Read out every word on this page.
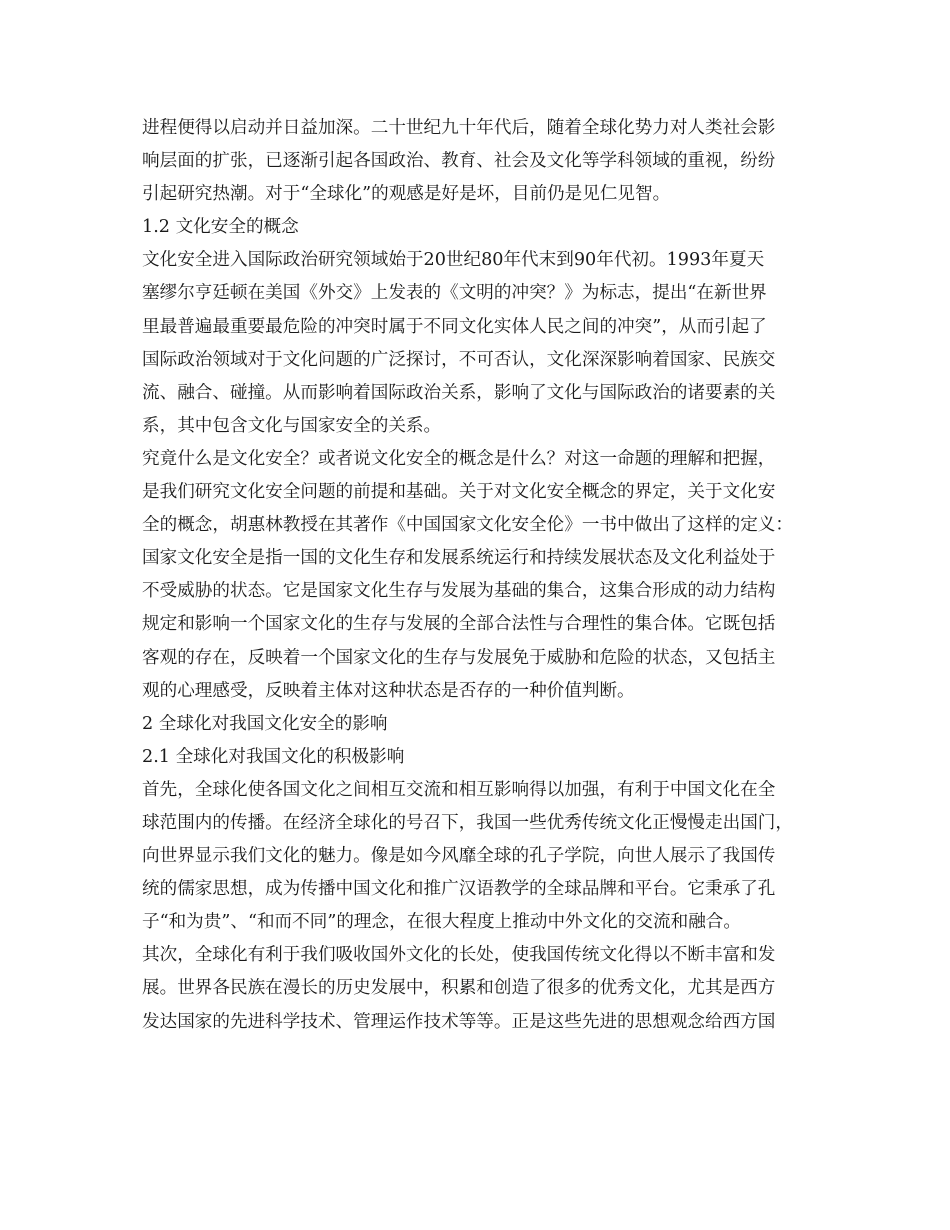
进程便得以启动并日益加深。二十世纪九十年代后，随着全球化势力对人类社会影
响层面的扩张，已逐渐引起各国政治、教育、社会及文化等学科领域的重视，纷纷
引起研究热潮。对于“全球化”的观感是好是坏，目前仍是见仁见智。
1.2 文化安全的概念
文化安全进入国际政治研究领域始于20世纪80年代末到90年代初。1993年夏天
塞缪尔亨廷顿在美国《外交》上发表的《文明的冲突？》为标志，提出“在新世界
里最普遍最重要最危险的冲突时属于不同文化实体人民之间的冲突”，从而引起了
国际政治领域对于文化问题的广泛探讨，不可否认，文化深深影响着国家、民族交
流、融合、碰撞。从而影响着国际政治关系，影响了文化与国际政治的诸要素的关
系，其中包含文化与国家安全的关系。
究竟什么是文化安全？或者说文化安全的概念是什么？对这一命题的理解和把握，
是我们研究文化安全问题的前提和基础。关于对文化安全概念的界定，关于文化安
全的概念，胡惠林教授在其著作《中国国家文化安全伦》一书中做出了这样的定义：
国家文化安全是指一国的文化生存和发展系统运行和持续发展状态及文化利益处于
不受威胁的状态。它是国家文化生存与发展为基础的集合，这集合形成的动力结构
规定和影响一个国家文化的生存与发展的全部合法性与合理性的集合体。它既包括
客观的存在，反映着一个国家文化的生存与发展免于威胁和危险的状态，又包括主
观的心理感受，反映着主体对这种状态是否存的一种价值判断。
2 全球化对我国文化安全的影响
2.1 全球化对我国文化的积极影响
首先，全球化使各国文化之间相互交流和相互影响得以加强，有利于中国文化在全
球范围内的传播。在经济全球化的号召下，我国一些优秀传统文化正慢慢走出国门，
向世界显示我们文化的魅力。像是如今风靡全球的孔子学院，向世人展示了我国传
统的儒家思想，成为传播中国文化和推广汉语教学的全球品牌和平台。它秉承了孔
子“和为贵”、“和而不同”的理念，在很大程度上推动中外文化的交流和融合。
其次，全球化有利于我们吸收国外文化的长处，使我国传统文化得以不断丰富和发
展。世界各民族在漫长的历史发展中，积累和创造了很多的优秀文化，尤其是西方
发达国家的先进科学技术、管理运作技术等等。正是这些先进的思想观念给西方国
